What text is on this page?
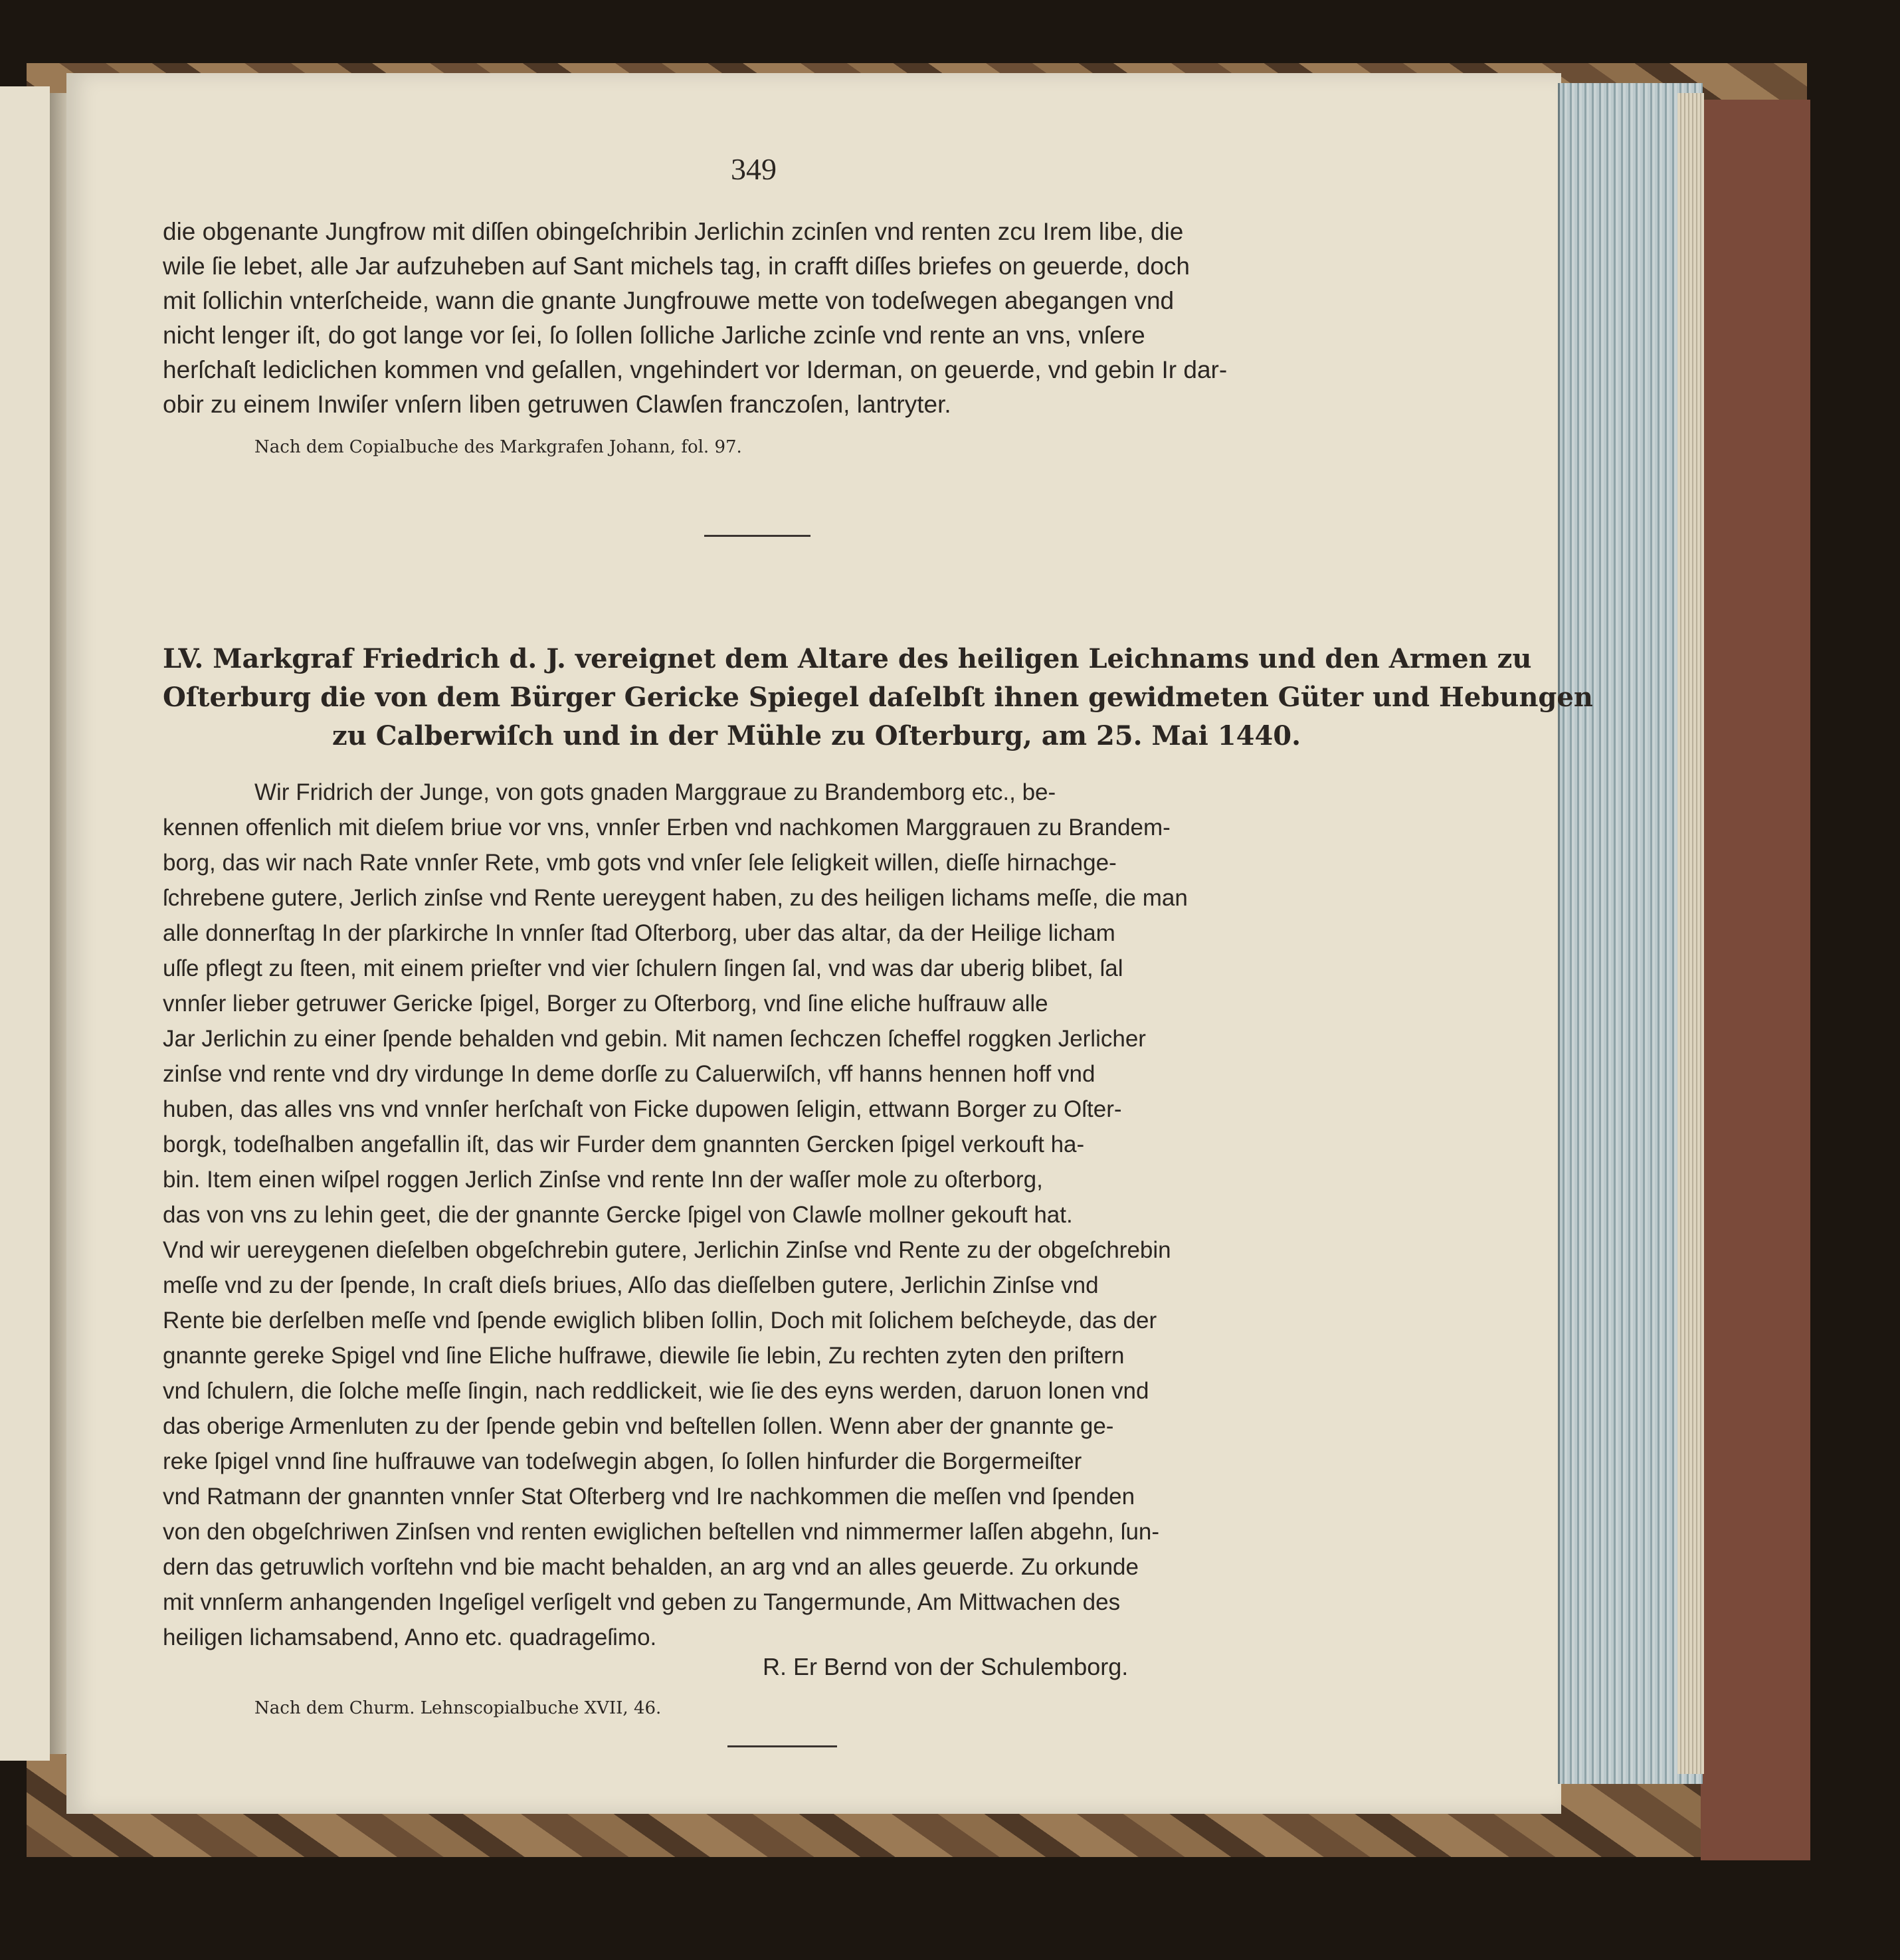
349
die obgenante Jungfrow mit diſſen obingeſchribin Jerlichin zcinſen vnd renten zcu Irem libe, die
wile ſie lebet, alle Jar aufzuheben auf Sant michels tag, in crafft diſſes briefes on geuerde, doch
mit ſollichin vnterſcheide, wann die gnante Jungfrouwe mette von todeſwegen abegangen vnd
nicht lenger iſt, do got lange vor ſei, ſo ſollen ſolliche Jarliche zcinſe vnd rente an vns, vnſere
herſchaſt lediclichen kommen vnd geſallen, vngehindert vor Iderman, on geuerde, vnd gebin Ir dar-
obir zu einem Inwiſer vnſern liben getruwen Clawſen franczoſen, lantryter.
Nach dem Copialbuche des Markgrafen Johann, fol. 97.
LV. Markgraf Friedrich d. J. vereignet dem Altare des heiligen Leichnams und den Armen zu
Oſterburg die von dem Bürger Gericke Spiegel daſelbſt ihnen gewidmeten Güter und Hebungen
zu Calberwiſch und in der Mühle zu Oſterburg, am 25. Mai 1440.
Wir Fridrich der Junge, von gots gnaden Marggraue zu Brandemborg etc., be-
kennen offenlich mit dieſem briue vor vns, vnnſer Erben vnd nachkomen Marggrauen zu Brandem-
borg, das wir nach Rate vnnſer Rete, vmb gots vnd vnſer ſele ſeligkeit willen, dieſſe hirnachge-
ſchrebene gutere, Jerlich zinſse vnd Rente uereygent haben, zu des heiligen lichams meſſe, die man
alle donnerſtag In der pſarkirche In vnnſer ſtad Oſterborg, uber das altar, da der Heilige licham
uſſe pflegt zu ſteen, mit einem prieſter vnd vier ſchulern ſingen ſal, vnd was dar uberig blibet, ſal
vnnſer lieber getruwer Gericke ſpigel, Borger zu Oſterborg, vnd ſine eliche huſfrauw alle
Jar Jerlichin zu einer ſpende behalden vnd gebin. Mit namen ſechczen ſcheffel roggken Jerlicher
zinſse vnd rente vnd dry virdunge In deme dorſſe zu Caluerwiſch, vff hanns hennen hoff vnd
huben, das alles vns vnd vnnſer herſchaſt von Ficke dupowen ſeligin, ettwann Borger zu Oſter-
borgk, todeſhalben angefallin iſt, das wir Furder dem gnannten Gercken ſpigel verkouft ha-
bin. Item einen wiſpel roggen Jerlich Zinſse vnd rente Inn der waſſer mole zu oſterborg,
das von vns zu lehin geet, die der gnannte Gercke ſpigel von Clawſe mollner gekouft hat.
Vnd wir uereygenen dieſelben obgeſchrebin gutere, Jerlichin Zinſse vnd Rente zu der obgeſchrebin
meſſe vnd zu der ſpende, In craſt dieſs briues, Alſo das dieſſelben gutere, Jerlichin Zinſse vnd
Rente bie derſelben meſſe vnd ſpende ewiglich bliben ſollin, Doch mit ſolichem beſcheyde, das der
gnannte gereke Spigel vnd ſine Eliche huſfrawe, diewile ſie lebin, Zu rechten zyten den priſtern
vnd ſchulern, die ſolche meſſe ſingin, nach reddlickeit, wie ſie des eyns werden, daruon lonen vnd
das oberige Armenluten zu der ſpende gebin vnd beſtellen ſollen. Wenn aber der gnannte ge-
reke ſpigel vnnd ſine huſfrauwe van todeſwegin abgen, ſo ſollen hinfurder die Borgermeiſter
vnd Ratmann der gnannten vnnſer Stat Oſterberg vnd Ire nachkommen die meſſen vnd ſpenden
von den obgeſchriwen Zinſsen vnd renten ewiglichen beſtellen vnd nimmermer laſſen abgehn, ſun-
dern das getruwlich vorſtehn vnd bie macht behalden, an arg vnd an alles geuerde. Zu orkunde
mit vnnſerm anhangenden Ingeſigel verſigelt vnd geben zu Tangermunde, Am Mittwachen des
heiligen lichamsabend, Anno etc. quadrageſimo.
R. Er Bernd von der Schulemborg.
Nach dem Churm. Lehnscopialbuche XVII, 46.
